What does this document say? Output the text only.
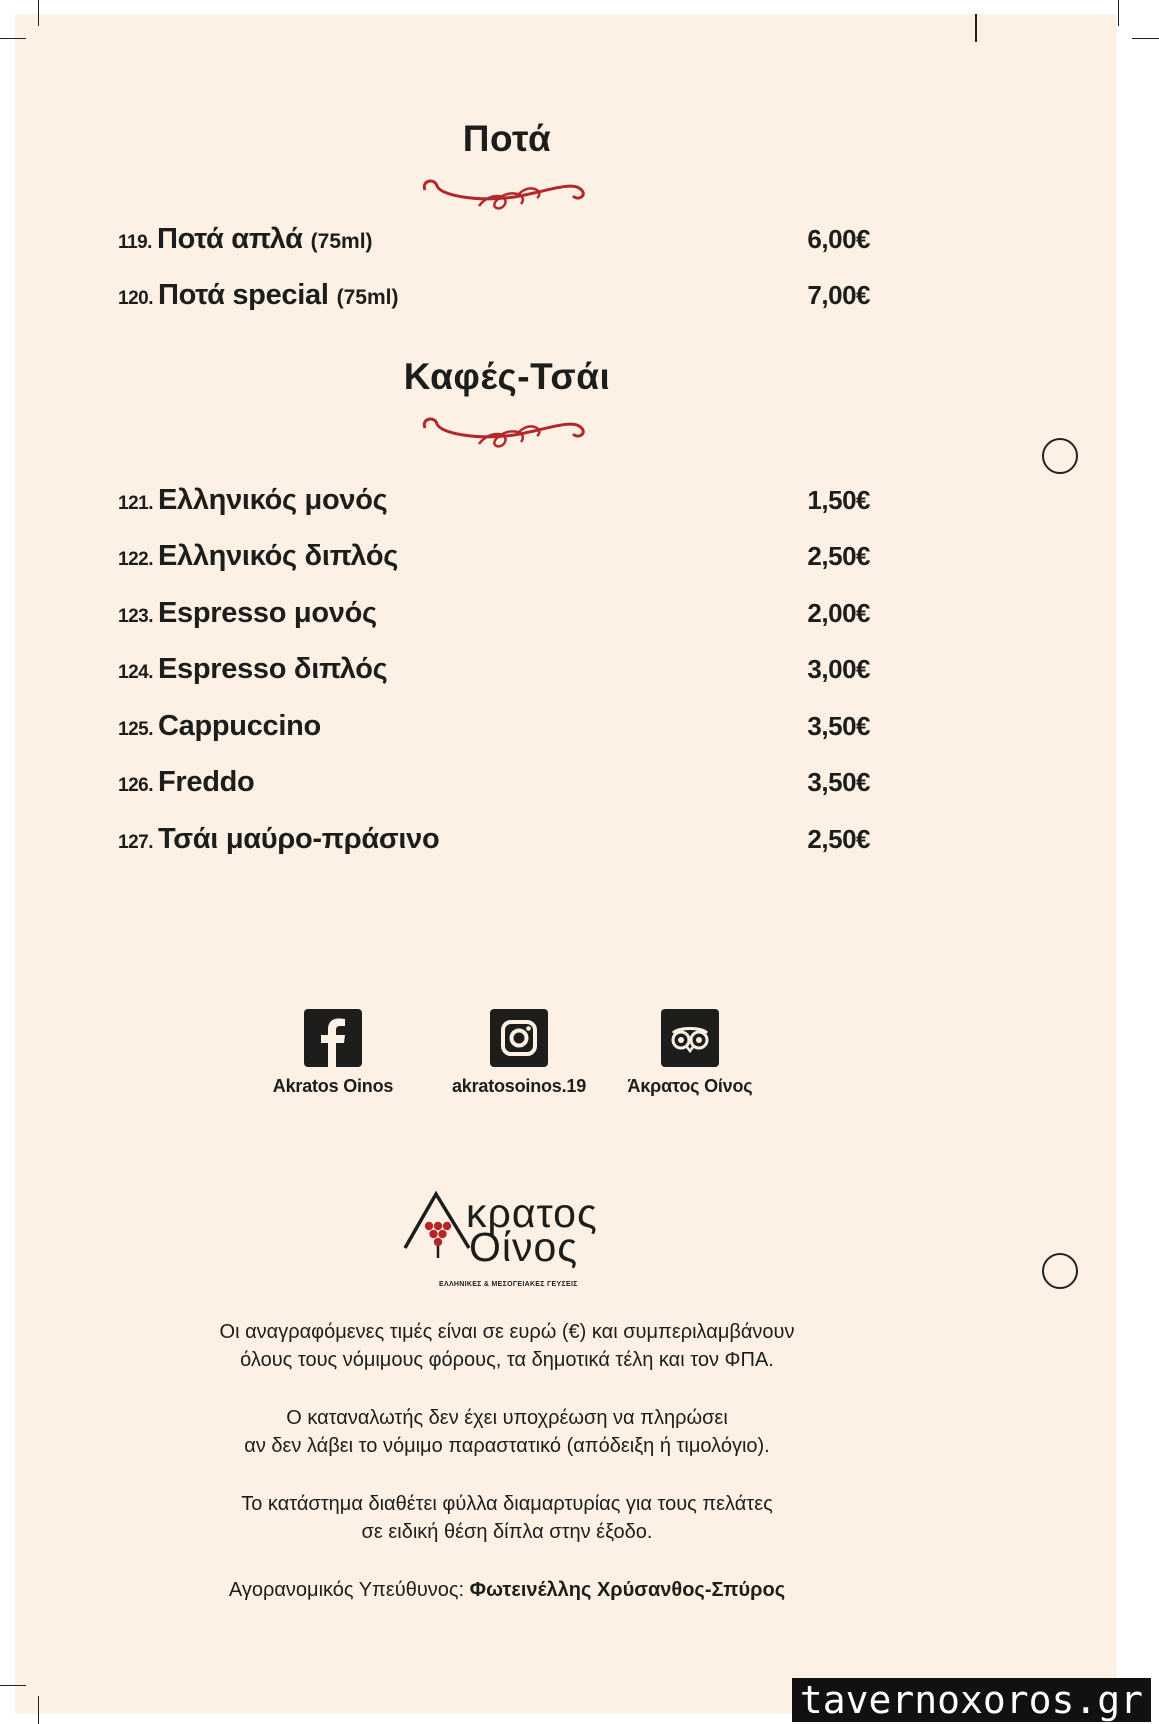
Ποτά
119. Ποτά απλά (75ml)	6,00€
120. Ποτά special (75ml)	7,00€
Καφές-Τσάι
121. Ελληνικός μονός	1,50€
122. Ελληνικός διπλός	2,50€
123. Espresso μονός	2,00€
124. Espresso διπλός	3,00€
125. Cappuccino	3,50€
126. Freddo	3,50€
127. Τσάι μαύρο-πράσινο	2,50€
Akratos Oinos	akratosoinos.19	Άκρατος Οίνος
κρατος
Οίνος
ΕΛΛΗΝΙΚΕΣ & ΜΕΣΟΓΕΙΑΚΕΣ ΓΕΥΣΕΙΣ

Οι αναγραφόμενες τιμές είναι σε ευρώ (€) και συμπεριλαμβάνουν
όλους τους νόμιμους φόρους, τα δημοτικά τέλη και τον ΦΠΑ.

Ο καταναλωτής δεν έχει υποχρέωση να πληρώσει
αν δεν λάβει το νόμιμο παραστατικό (απόδειξη ή τιμολόγιο).

Το κατάστημα διαθέτει φύλλα διαμαρτυρίας για τους πελάτες
σε ειδική θέση δίπλα στην έξοδο.

Αγορανομικός Υπεύθυνος: Φωτεινέλλης Χρύσανθος-Σπύρος

tavernoxoros.gr
